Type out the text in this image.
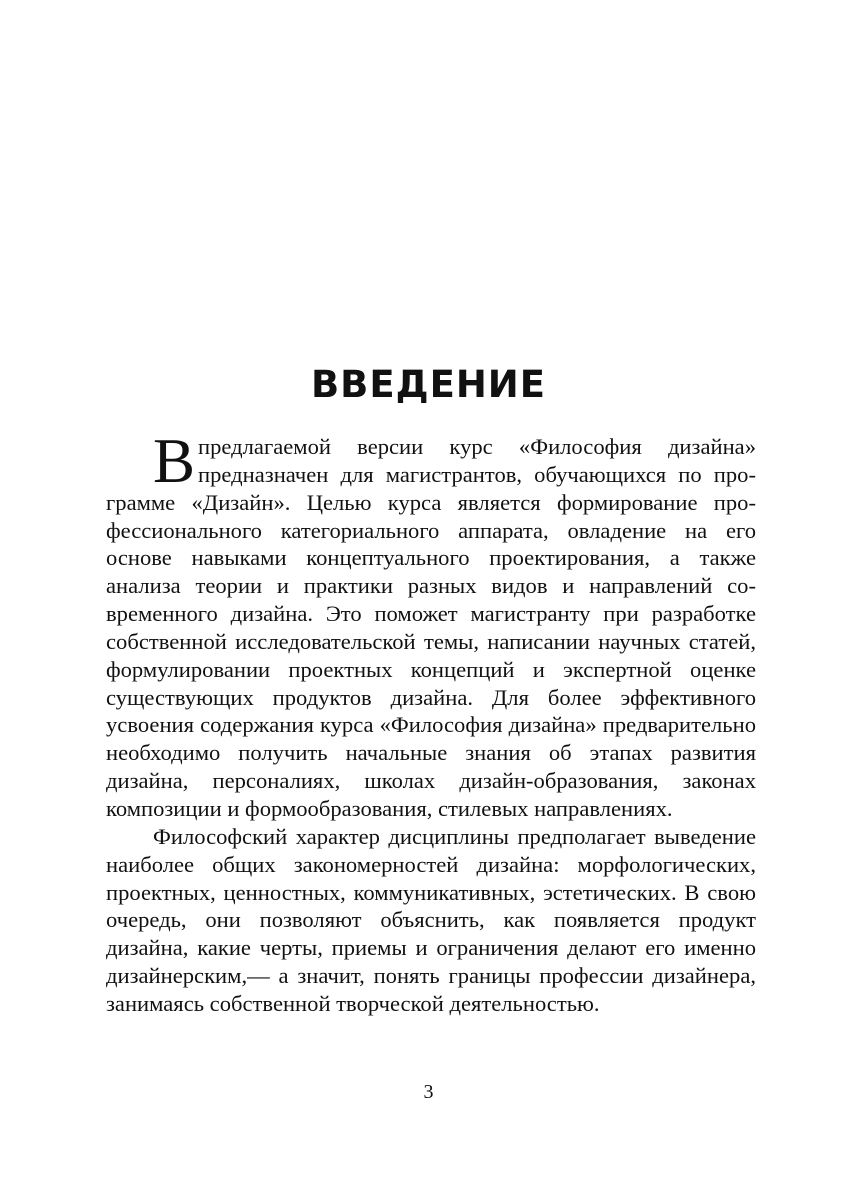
ВВЕДЕНИЕ

Впредлагаемой версии курс «Философия дизайна» предназначен для магистрантов, обучающихся по программе «Дизайн». Целью курса является формирование профессионального категориального аппарата, овладение на его основе навыками концептуального проектирования, а также анализа теории и практики разных видов и направлений современного дизайна. Это поможет магистранту при разработке собственной исследовательской темы, написании научных статей, формулировании проектных концепций и экспертной оценке существующих продуктов дизайна. Для более эффективного усвоения содержания курса «Философия дизайна» предварительно необходимо получить начальные знания об этапах развития дизайна, персоналиях, школах дизайн-образования, законах композиции и формообразования, стилевых направлениях.

Философский характер дисциплины предполагает выведение наиболее общих закономерностей дизайна: морфологических, проектных, ценностных, коммуникативных, эстетических. В свою очередь, они позволяют объяснить, как появляется продукт дизайна, какие черты, приемы и ограничения делают его именно дизайнерским,— а значит, понять границы профессии дизайнера, занимаясь собственной творческой деятельностью.

3
